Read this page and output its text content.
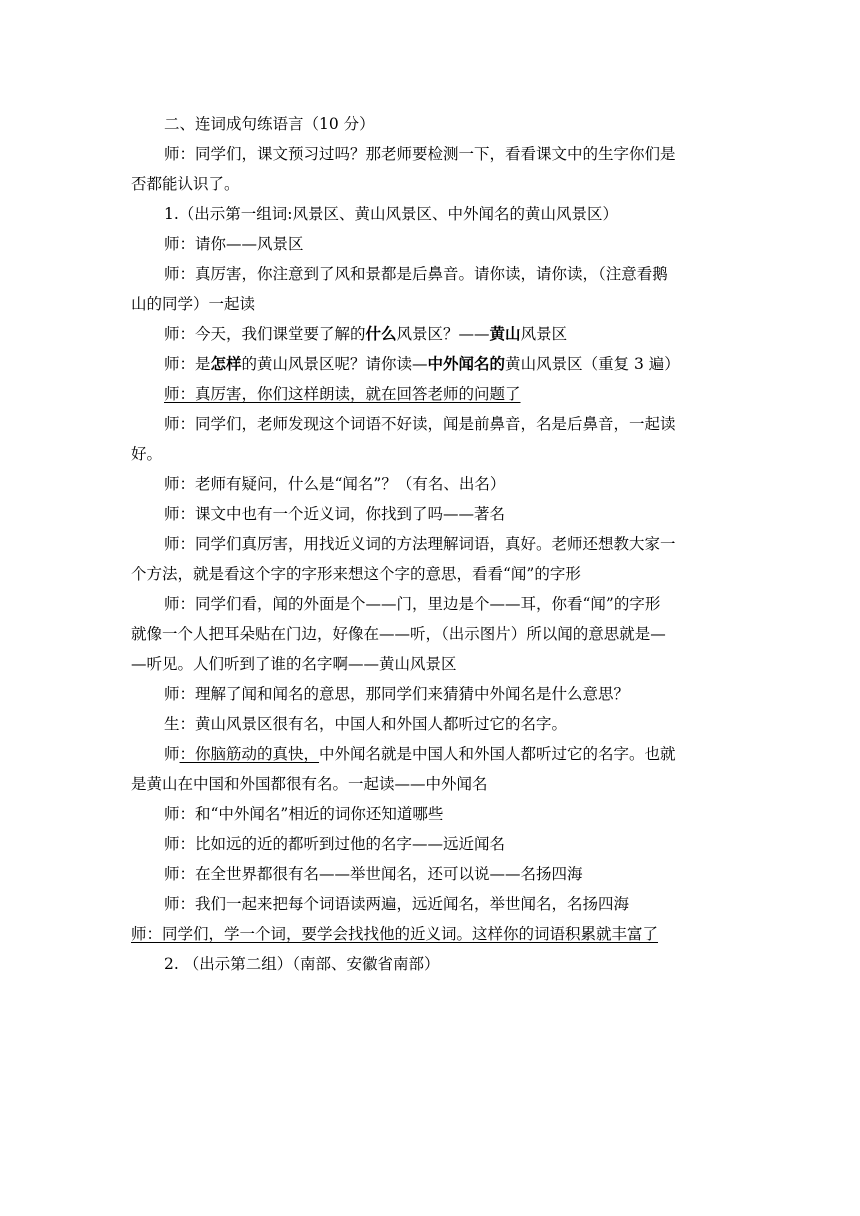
二、连词成句练语言（10 分）
师：同学们，课文预习过吗？那老师要检测一下，看看课文中的生字你们是
否都能认识了。
1.（出示第一组词:风景区、黄山风景区、中外闻名的黄山风景区）
师：请你——风景区
师：真厉害，你注意到了风和景都是后鼻音。请你读，请你读，（注意看鹅
山的同学）一起读
师：今天，我们课堂要了解的什么风景区？——黄山风景区
师：是怎样的黄山风景区呢？请你读—中外闻名的黄山风景区（重复 3 遍）
师：真厉害，你们这样朗读，就在回答老师的问题了
师：同学们，老师发现这个词语不好读，闻是前鼻音，名是后鼻音，一起读
好。
师：老师有疑问，什么是“闻名”？（有名、出名）
师：课文中也有一个近义词，你找到了吗——著名
师：同学们真厉害，用找近义词的方法理解词语，真好。老师还想教大家一
个方法，就是看这个字的字形来想这个字的意思，看看“闻”的字形
师：同学们看，闻的外面是个——门，里边是个——耳，你看“闻”的字形
就像一个人把耳朵贴在门边，好像在——听，（出示图片）所以闻的意思就是—
—听见。人们听到了谁的名字啊——黄山风景区
师：理解了闻和闻名的意思，那同学们来猜猜中外闻名是什么意思？
生：黄山风景区很有名，中国人和外国人都听过它的名字。
师：你脑筋动的真快，中外闻名就是中国人和外国人都听过它的名字。也就
是黄山在中国和外国都很有名。一起读——中外闻名
师：和“中外闻名”相近的词你还知道哪些
师：比如远的近的都听到过他的名字——远近闻名
师：在全世界都很有名——举世闻名，还可以说——名扬四海
师：我们一起来把每个词语读两遍，远近闻名，举世闻名，名扬四海
师：同学们，学一个词，要学会找找他的近义词。这样你的词语积累就丰富了
2. （出示第二组）（南部、安徽省南部）
